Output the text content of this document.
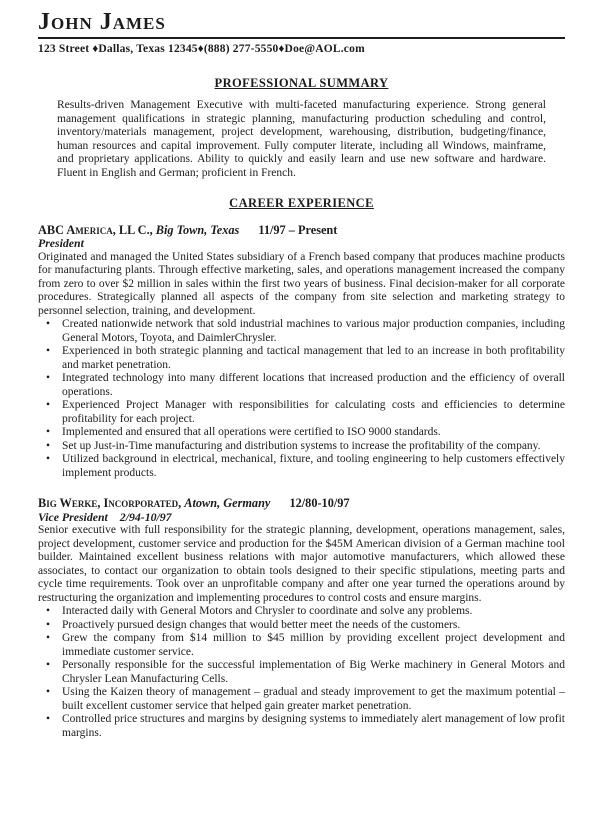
John James
123 Street ♦Dallas, Texas 12345♦(888) 277-5550♦Doe@AOL.com
PROFESSIONAL SUMMARY

Results-driven Management Executive with multi-faceted manufacturing experience. Strong general management qualifications in strategic planning, manufacturing production scheduling and control, inventory/materials management, project development, warehousing, distribution, budgeting/finance, human resources and capital improvement. Fully computer literate, including all Windows, mainframe, and proprietary applications. Ability to quickly and easily learn and use new software and hardware. Fluent in English and German; proficient in French.

CAREER EXPERIENCE
ABC America, LL C., Big Town, Texas 11/97 – Present
President

Originated and managed the United States subsidiary of a French based company that produces machine products for manufacturing plants. Through effective marketing, sales, and operations management increased the company from zero to over $2 million in sales within the first two years of business. Final decision-maker for all corporate procedures. Strategically planned all aspects of the company from site selection and marketing strategy to personnel selection, training, and development.

• Created nationwide network that sold industrial machines to various major production companies, including General Motors, Toyota, and DaimlerChrysler.
• Experienced in both strategic planning and tactical management that led to an increase in both profitability and market penetration.
• Integrated technology into many different locations that increased production and the efficiency of overall operations.
• Experienced Project Manager with responsibilities for calculating costs and efficiencies to determine profitability for each project.
• Implemented and ensured that all operations were certified to ISO 9000 standards.
• Set up Just-in-Time manufacturing and distribution systems to increase the profitability of the company.
• Utilized background in electrical, mechanical, fixture, and tooling engineering to help customers effectively implement products.
Big Werke, Incorporated, Atown, Germany 12/80-10/97
Vice President 2/94-10/97

Senior executive with full responsibility for the strategic planning, development, operations management, sales, project development, customer service and production for the $45M American division of a German machine tool builder. Maintained excellent business relations with major automotive manufacturers, which allowed these associates, to contact our organization to obtain tools designed to their specific stipulations, meeting parts and cycle time requirements. Took over an unprofitable company and after one year turned the operations around by restructuring the organization and implementing procedures to control costs and ensure margins.

• Interacted daily with General Motors and Chrysler to coordinate and solve any problems.
• Proactively pursued design changes that would better meet the needs of the customers.
• Grew the company from $14 million to $45 million by providing excellent project development and immediate customer service.
• Personally responsible for the successful implementation of Big Werke machinery in General Motors and Chrysler Lean Manufacturing Cells.
• Using the Kaizen theory of management – gradual and steady improvement to get the maximum potential – built excellent customer service that helped gain greater market penetration.
• Controlled price structures and margins by designing systems to immediately alert management of low profit margins.
